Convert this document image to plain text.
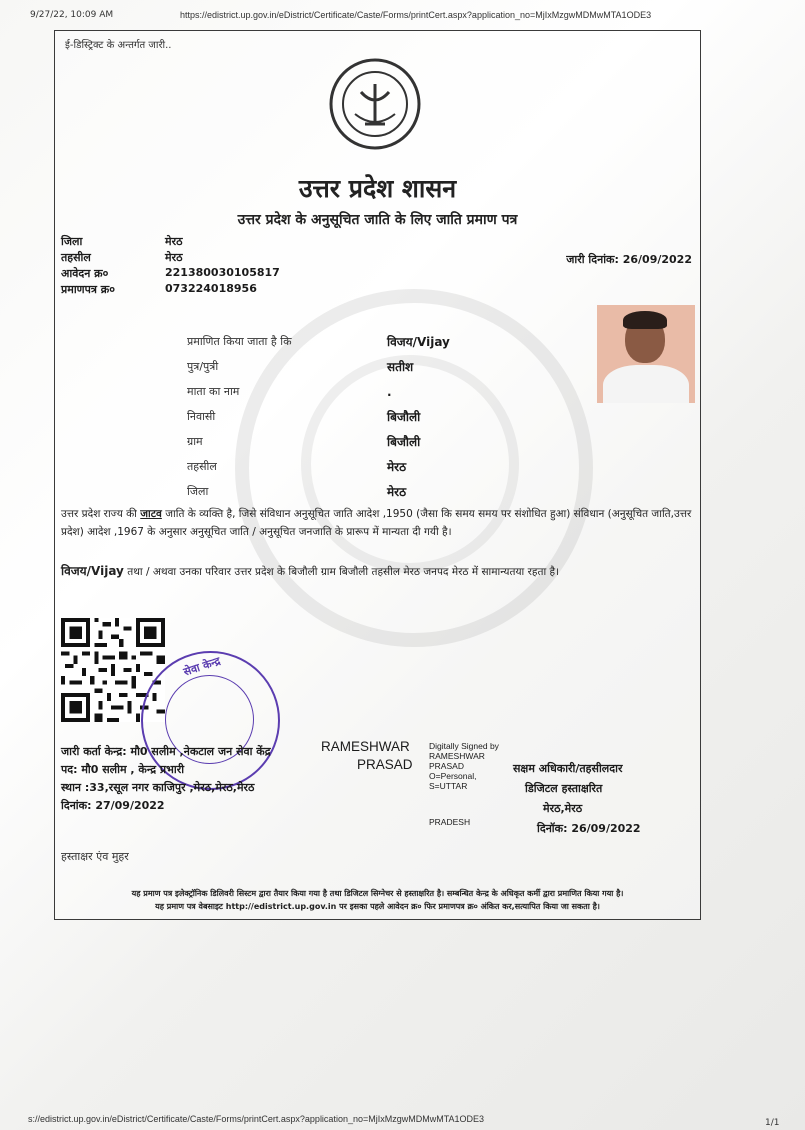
9/27/22, 10:09 AM	https://edistrict.up.gov.in/eDistrict/Certificate/Caste/Forms/printCert.aspx?application_no=MjIxMzgwMDMwMTA1ODE3
ई-डिस्ट्रिक्ट के अन्तर्गत जारी..
उत्तर प्रदेश शासन
उत्तर प्रदेश के अनुसूचित जाति के लिए जाति प्रमाण पत्र
जिला	मेरठ
तहसील	मेरठ
आवेदन क्र०	221380030105817
प्रमाणपत्र क्र०	073224018956
जारी दिनांक: 26/09/2022
प्रमाणित किया जाता है कि	विजय/Vijay
पुत्र/पुत्री	सतीश
माता का नाम	.
निवासी	बिजौली
ग्राम	बिजौली
तहसील	मेरठ
जिला	मेरठ
उत्तर प्रदेश राज्य की जाटव जाति के व्यक्ति है, जिसे संविधान अनुसूचित जाति आदेश ,1950 (जैसा कि समय समय पर संशोधित हुआ) संविधान (अनुसूचित जाति,उत्तर प्रदेश) आदेश ,1967 के अनुसार अनुसूचित जाति / अनुसूचित जनजाति के प्रारूप में मान्यता दी गयी है।
विजय/Vijay तथा / अथवा उनका परिवार उत्तर प्रदेश के बिजौली ग्राम बिजौली तहसील मेरठ जनपद मेरठ में सामान्यतया रहता है।
सेवा केन्द्र
जारी कर्ता केन्द्र: मौ0 सलीम ,नेकटाल जन सेवा केंद्र
पद: मौ0 सलीम , केन्द्र प्रभारी
स्थान :33,रसूल नगर काजिपुर ,मेरठ,मेरठ,मेरठ
दिनांक: 27/09/2022
RAMESHWAR
PRASAD
Digitally Signed by RAMESHWAR PRASAD O=Personal, S=UTTAR
PRADESH
सक्षम अधिकारी/तहसीलदार
डिजिटल हस्ताक्षरित
मेरठ,मेरठ
दिनॉक: 26/09/2022
हस्ताक्षर एंव मुहर
यह प्रमाण पत्र इलेक्ट्रॉनिक डिलिवरी सिस्टम द्वारा तैयार किया गया है तथा डिजिटल सिग्नेचर से हस्ताक्षरित है। सम्बन्धित केन्द्र के अधिकृत कर्मी द्वारा प्रमाणित किया गया है।
यह प्रमाण पत्र वेबसाइट http://edistrict.up.gov.in पर इसका पहले आवेदन क्र० फिर प्रमाणपत्र क्र० अंकित कर,सत्यापित किया जा सकता है।
s://edistrict.up.gov.in/eDistrict/Certificate/Caste/Forms/printCert.aspx?application_no=MjIxMzgwMDMwMTA1ODE3	1/1
